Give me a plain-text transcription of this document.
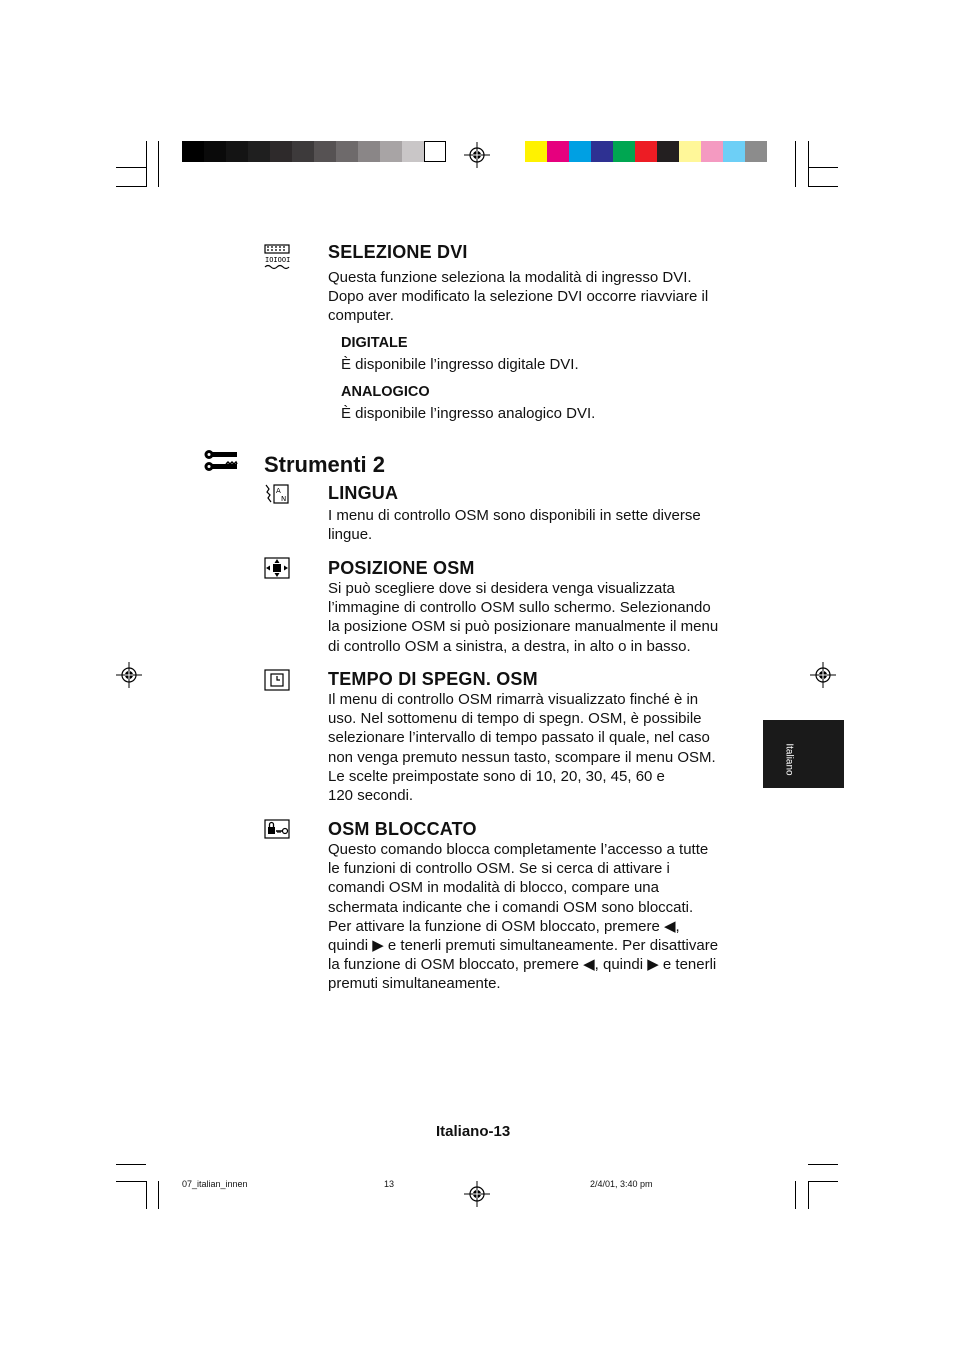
IOIOOI SELEZIONE DVI
Questa funzione seleziona la modalità di ingresso DVI.
Dopo aver modificato la selezione DVI occorre riavviare il
computer.
DIGITALE
È disponibile l’ingresso digitale DVI.
ANALOGICO
È disponibile l’ingresso analogico DVI.
Strumenti 2
A
N LINGUA
I menu di controllo OSM sono disponibili in sette diverse
lingue.
POSIZIONE OSM
Si può scegliere dove si desidera venga visualizzata
l’immagine di controllo OSM sullo schermo. Selezionando
la posizione OSM si può posizionare manualmente il menu
di controllo OSM a sinistra, a destra, in alto o in basso.
TEMPO DI SPEGN. OSM
Il menu di controllo OSM rimarrà visualizzato finché è in
uso. Nel sottomenu di tempo di spegn. OSM, è possibile
selezionare l’intervallo di tempo passato il quale, nel caso
non venga premuto nessun tasto, scompare il menu OSM.
Le scelte preimpostate sono di 10, 20, 30, 45, 60 e
120 secondi.
OSM BLOCCATO
Questo comando blocca completamente l’accesso a tutte
le funzioni di controllo OSM. Se si cerca di attivare i
comandi OSM in modalità di blocco, compare una
schermata indicante che i comandi OSM sono bloccati.
Per attivare la funzione di OSM bloccato, premere ◀,
quindi ▶ e tenerli premuti simultaneamente. Per disattivare
la funzione di OSM bloccato, premere ◀, quindi ▶ e tenerli
premuti simultaneamente.
Italiano
Italiano-13
07_italian_innen	13	2/4/01, 3:40 pm
